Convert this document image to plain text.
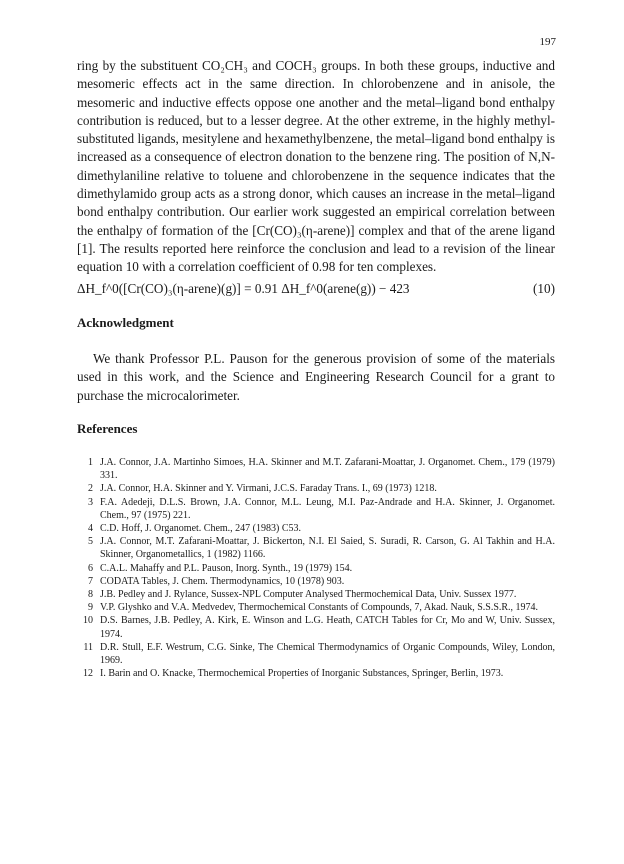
197

ring by the substituent CO₂CH₃ and COCH₃ groups. In both these groups, inductive and mesomeric effects act in the same direction. In chlorobenzene and in anisole, the mesomeric and inductive effects oppose one another and the metal–ligand bond enthalpy contribution is reduced, but to a lesser degree. At the other extreme, in the highly methyl-substituted ligands, mesitylene and hexamethylbenzene, the metal–ligand bond enthalpy is increased as a consequence of electron donation to the benzene ring. The position of N,N-dimethylaniline relative to toluene and chlorobenzene in the sequence indicates that the dimethylamido group acts as a strong donor, which causes an increase in the metal–ligand bond enthalpy contribution. Our earlier work suggested an empirical correlation between the enthalpy of formation of the [Cr(CO)₃(η-arene)] complex and that of the arene ligand [1]. The results reported here reinforce the conclusion and lead to a revision of the linear equation 10 with a correlation coefficient of 0.98 for ten complexes.

ΔH_f^0([Cr(CO)₃(η-arene)(g)] = 0.91 ΔH_f^0(arene(g)) − 423	(10)
Acknowledgment

We thank Professor P.L. Pauson for the generous provision of some of the materials used in this work, and the Science and Engineering Research Council for a grant to purchase the microcalorimeter.

References
1 J.A. Connor, J.A. Martinho Simoes, H.A. Skinner and M.T. Zafarani-Moattar, J. Organomet. Chem., 179 (1979) 331.
2 J.A. Connor, H.A. Skinner and Y. Virmani, J.C.S. Faraday Trans. I., 69 (1973) 1218.
3 F.A. Adedeji, D.L.S. Brown, J.A. Connor, M.L. Leung, M.I. Paz-Andrade and H.A. Skinner, J. Organomet. Chem., 97 (1975) 221.
4 C.D. Hoff, J. Organomet. Chem., 247 (1983) C53.
5 J.A. Connor, M.T. Zafarani-Moattar, J. Bickerton, N.I. El Saied, S. Suradi, R. Carson, G. Al Takhin and H.A. Skinner, Organometallics, 1 (1982) 1166.
6 C.A.L. Mahaffy and P.L. Pauson, Inorg. Synth., 19 (1979) 154.
7 CODATA Tables, J. Chem. Thermodynamics, 10 (1978) 903.
8 J.B. Pedley and J. Rylance, Sussex-NPL Computer Analysed Thermochemical Data, Univ. Sussex 1977.
9 V.P. Glyshko and V.A. Medvedev, Thermochemical Constants of Compounds, 7, Akad. Nauk, S.S.S.R., 1974.
10 D.S. Barnes, J.B. Pedley, A. Kirk, E. Winson and L.G. Heath, CATCH Tables for Cr, Mo and W, Univ. Sussex, 1974.
11 D.R. Stull, E.F. Westrum, C.G. Sinke, The Chemical Thermodynamics of Organic Compounds, Wiley, London, 1969.
12 I. Barin and O. Knacke, Thermochemical Properties of Inorganic Substances, Springer, Berlin, 1973.
